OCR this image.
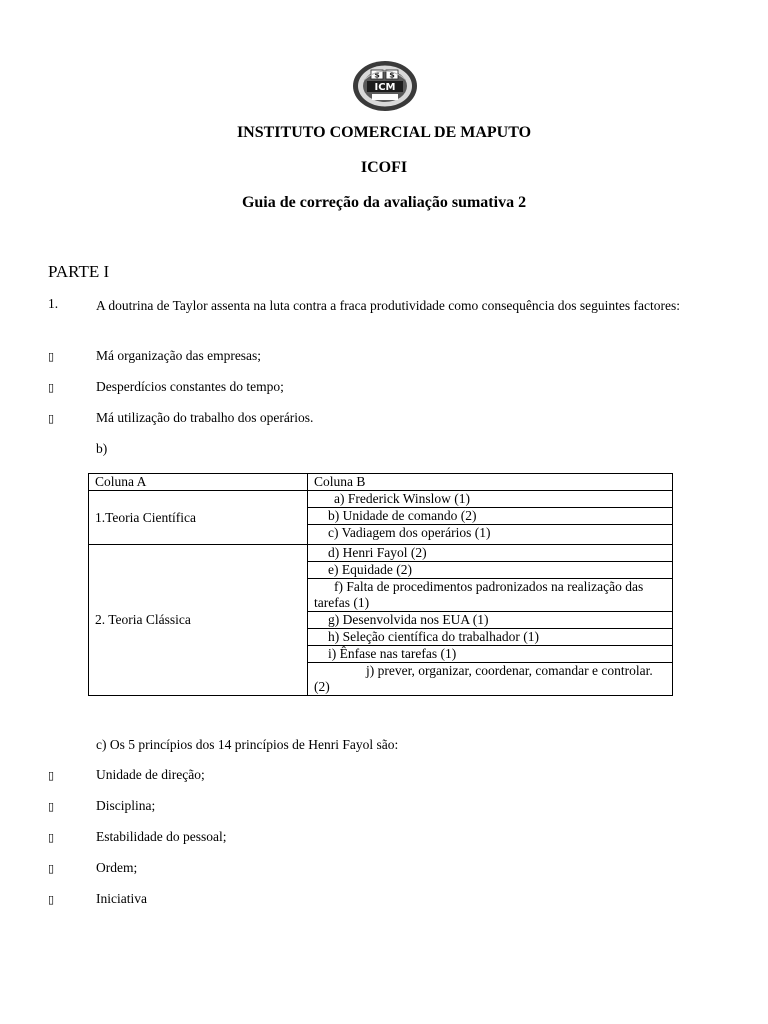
$ $
ICM
INSTITUTO COMERCIAL DE MAPUTO
ICOFI
Guia de correção da avaliação sumativa 2
PARTE I
1.	A doutrina de Taylor assenta na luta contra a fraca produtividade como consequência dos seguintes factores:
▯	Má organização das empresas;
▯	Desperdícios constantes do tempo;
▯	Má utilização do trabalho dos operários.
b)
Coluna A	Coluna B
1.Teoria Científica	a) Frederick Winslow (1)
	b) Unidade de comando (2)
	c) Vadiagem dos operários (1)
2. Teoria Clássica	d) Henri Fayol (2)
	e) Equidade (2)
	f) Falta de procedimentos padronizados na realização das tarefas (1)
	g) Desenvolvida nos EUA (1)
	h) Seleção científica do trabalhador (1)
	i) Ênfase nas tarefas (1)
	j) prever, organizar, coordenar, comandar e controlar. (2)
c) Os 5 princípios dos 14 princípios de Henri Fayol são:
▯	Unidade de direção;
▯	Disciplina;
▯	Estabilidade do pessoal;
▯	Ordem;
▯	Iniciativa
